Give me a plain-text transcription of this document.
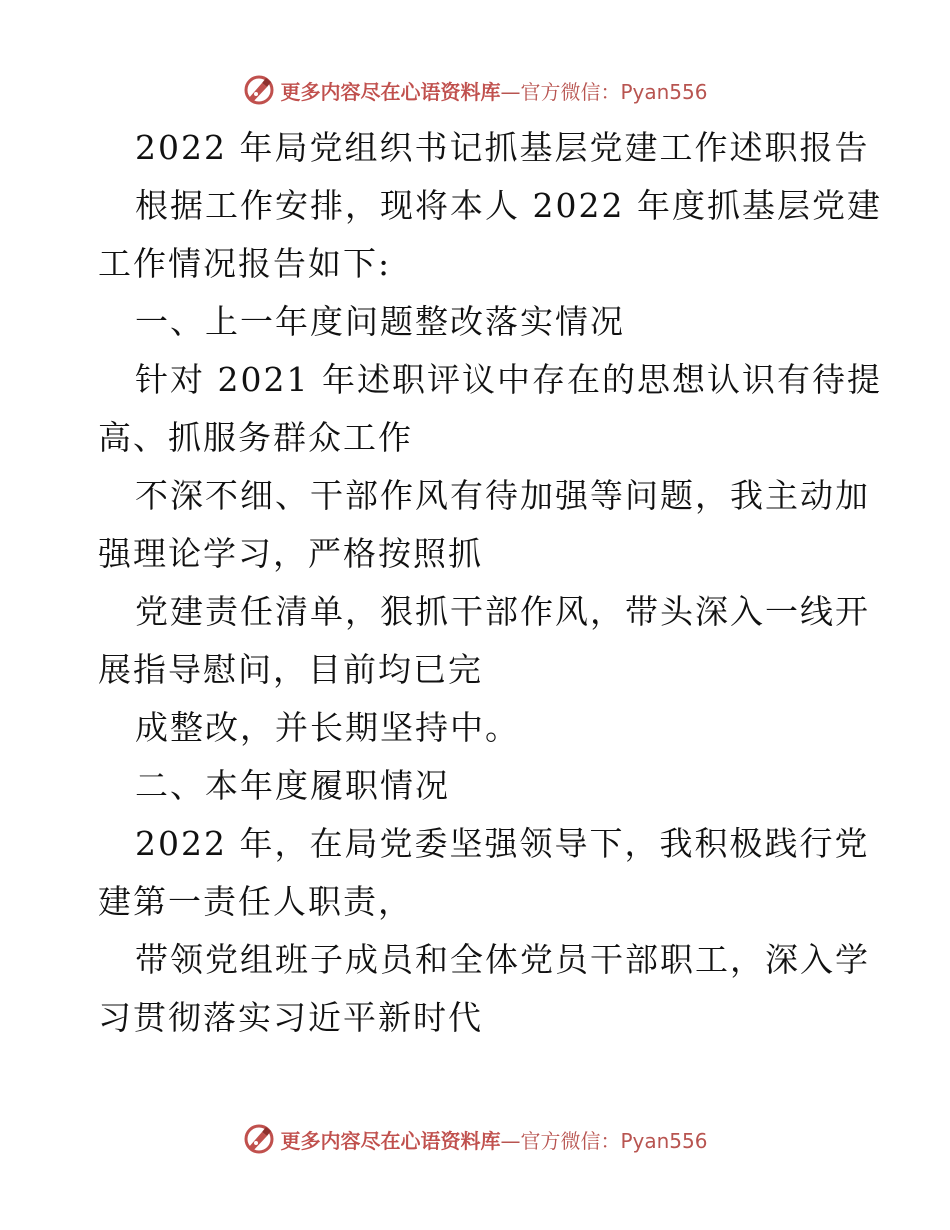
更多内容尽在心语资料库 —官方微信：Pyan556
2022 年局党组织书记抓基层党建工作述职报告
根据工作安排，现将本人 2022 年度抓基层党建
工作情况报告如下:
一、上一年度问题整改落实情况
针对 2021 年述职评议中存在的思想认识有待提
高、抓服务群众工作
不深不细、干部作风有待加强等问题，我主动加
强理论学习，严格按照抓
党建责任清单，狠抓干部作风，带头深入一线开
展指导慰问，目前均已完
成整改，并长期坚持中。
二、本年度履职情况
2022 年，在局党委坚强领导下，我积极践行党
建第一责任人职责，
带领党组班子成员和全体党员干部职工，深入学
习贯彻落实习近平新时代
更多内容尽在心语资料库 —官方微信：Pyan556
